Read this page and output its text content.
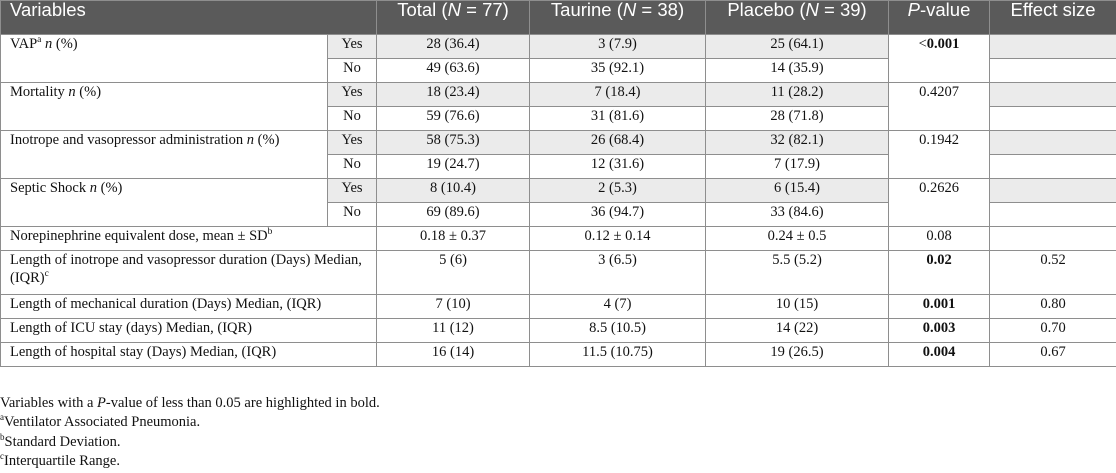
Variables		Total (N = 77)	Taurine (N = 38)	Placebo (N = 39)	P-value	Effect size
VAP$^a$ n (%)	Yes	28 (36.4)	3 (7.9)	25 (64.1)	<0.001	
	No	49 (63.6)	35 (92.1)	14 (35.9)		
Mortality n (%)	Yes	18 (23.4)	7 (18.4)	11 (28.2)	0.4207	
	No	59 (76.6)	31 (81.6)	28 (71.8)		
Inotrope and vasopressor administration n (%)	Yes	58 (75.3)	26 (68.4)	32 (82.1)	0.1942	
	No	19 (24.7)	12 (31.6)	7 (17.9)		
Septic Shock n (%)	Yes	8 (10.4)	2 (5.3)	6 (15.4)	0.2626	
	No	69 (89.6)	36 (94.7)	33 (84.6)		
Norepinephrine equivalent dose, mean ± $SD^b$		0.18 ± 0.37	0.12 ± 0.14	0.24 ± 0.5	0.08	
Length of inotrope and vasopressor duration (Days) Median, (IQR)$^c$		5 (6)	3 (6.5)	5.5 (5.2)	0.02	0.52
Length of mechanical duration (Days) Median, (IQR)		7 (10)	4 (7)	10 (15)	0.001	0.80
Length of ICU stay (days) Median, (IQR)		11 (12)	8.5 (10.5)	14 (22)	0.003	0.70
Length of hospital stay (Days) Median, (IQR)		16 (14)	11.5 (10.75)	19 (26.5)	0.004	0.67
Variables with a P-value of less than 0.05 are highlighted in bold.
$^a$Ventilator Associated Pneumonia.
$^b$Standard Deviation.
$^c$Interquartile Range.
